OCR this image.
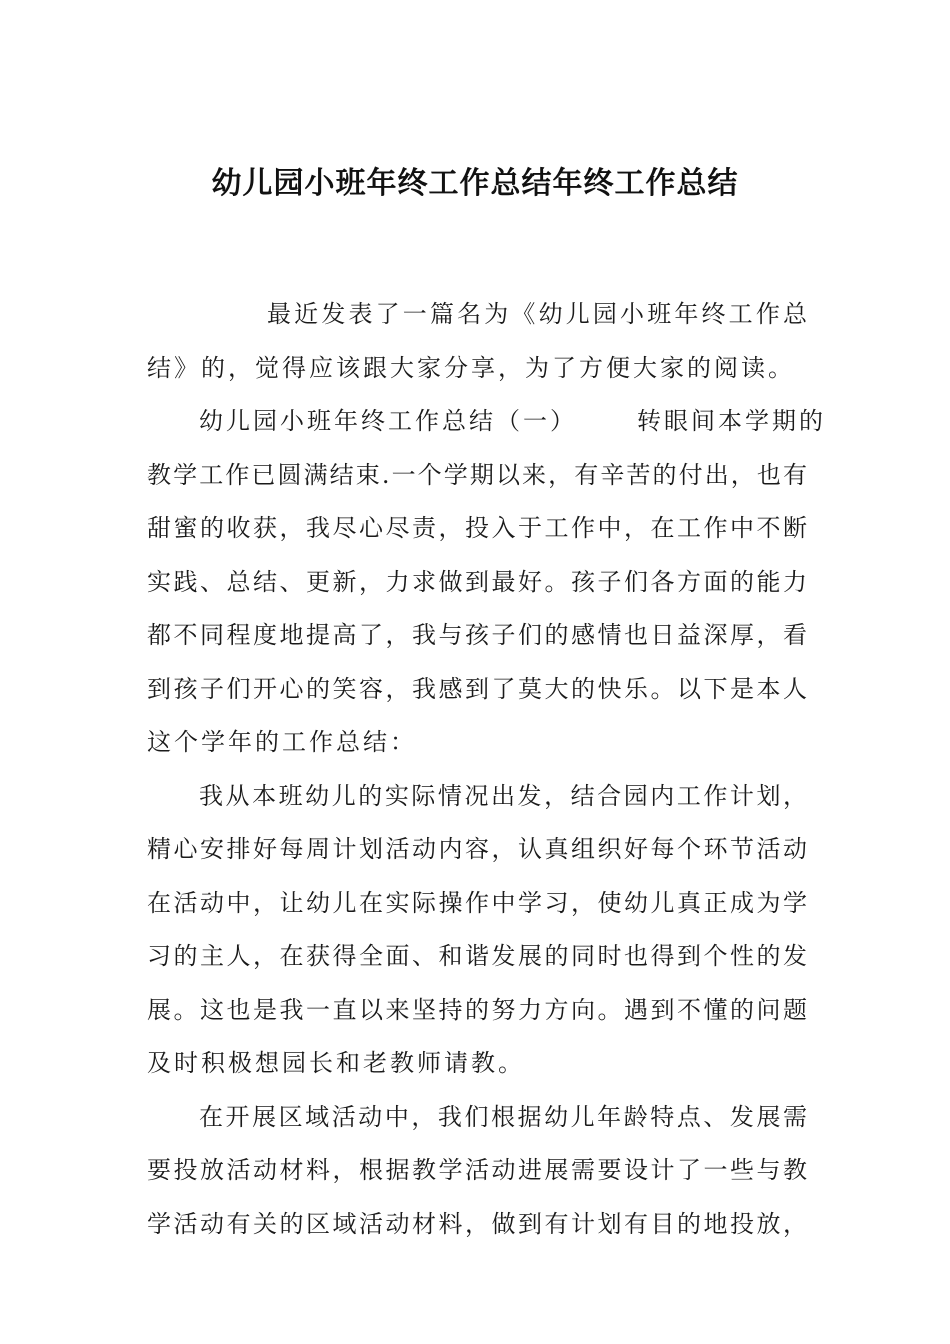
幼儿园小班年终工作总结年终工作总结
最近发表了一篇名为《幼儿园小班年终工作总
结》的，觉得应该跟大家分享，为了方便大家的阅读。
幼儿园小班年终工作总结（一）	转眼间本学期的
教学工作已圆满结束.一个学期以来，有辛苦的付出，也有
甜蜜的收获，我尽心尽责，投入于工作中，在工作中不断
实践、总结、更新，力求做到最好。孩子们各方面的能力
都不同程度地提高了，我与孩子们的感情也日益深厚，看
到孩子们开心的笑容，我感到了莫大的快乐。以下是本人
这个学年的工作总结：
我从本班幼儿的实际情况出发，结合园内工作计划，
精心安排好每周计划活动内容，认真组织好每个环节活动
在活动中，让幼儿在实际操作中学习，使幼儿真正成为学
习的主人，在获得全面、和谐发展的同时也得到个性的发
展。这也是我一直以来坚持的努力方向。遇到不懂的问题
及时积极想园长和老教师请教。
在开展区域活动中，我们根据幼儿年龄特点、发展需
要投放活动材料，根据教学活动进展需要设计了一些与教
学活动有关的区域活动材料，做到有计划有目的地投放，
